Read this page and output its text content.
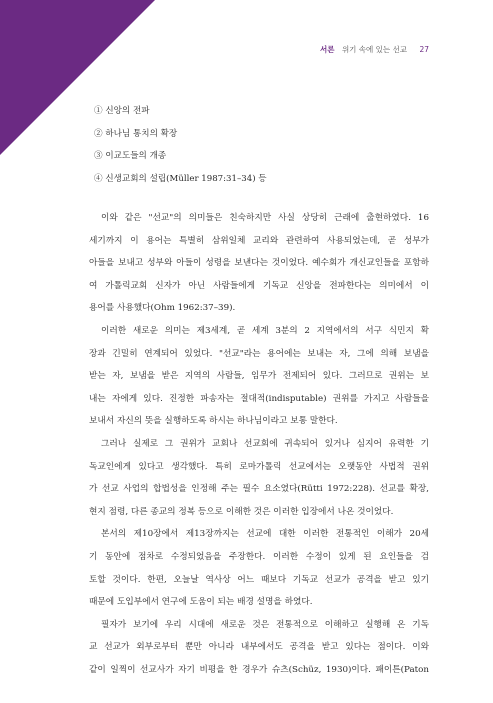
서론 위기 속에 있는 선교 27
① 신앙의 전파
② 하나님 통치의 확장
③ 이교도들의 개종
④ 신생교회의 설립(Müller 1987:31–34) 등
이와 같은 "선교"의 의미들은 친숙하지만 사실 상당히 근래에 출현하였다. 16
세기까지 이 용어는 특별히 삼위일체 교리와 관련하여 사용되었는데, 곧 성부가
아들을 보내고 성부와 아들이 성령을 보낸다는 것이었다. 예수회가 개신교인들을 포함하
여 가톨릭교회 신자가 아닌 사람들에게 기독교 신앙을 전파한다는 의미에서 이
용어를 사용했다(Ohm 1962:37–39).
이러한 새로운 의미는 제3세계, 곧 세계 3분의 2 지역에서의 서구 식민지 확
장과 긴밀히 연계되어 있었다. "선교"라는 용어에는 보내는 자, 그에 의해 보냄을
받는 자, 보냄을 받은 지역의 사람들, 임무가 전제되어 있다. 그러므로 권위는 보
내는 자에게 있다. 진정한 파송자는 절대적(indisputable) 권위를 가지고 사람들을
보내서 자신의 뜻을 실행하도록 하시는 하나님이라고 보통 말한다.
그러나 실제로 그 권위가 교회나 선교회에 귀속되어 있거나 심지어 유력한 기
독교인에게 있다고 생각했다. 특히 로마가톨릭 선교에서는 오랫동안 사법적 권위
가 선교 사업의 합법성을 인정해 주는 필수 요소였다(Rütti 1972:228). 선교를 확장,
현지 점령, 다른 종교의 정복 등으로 이해한 것은 이러한 입장에서 나온 것이었다.
본서의 제10장에서 제13장까지는 선교에 대한 이러한 전통적인 이해가 20세
기 동안에 점차로 수정되었음을 주장한다. 이러한 수정이 있게 된 요인들을 검
토할 것이다. 한편, 오늘날 역사상 어느 때보다 기독교 선교가 공격을 받고 있기
때문에 도입부에서 연구에 도움이 되는 배경 설명을 하였다.
필자가 보기에 우리 시대에 새로운 것은 전통적으로 이해하고 실행해 온 기독
교 선교가 외부로부터 뿐만 아니라 내부에서도 공격을 받고 있다는 점이다. 이와
같이 일찍이 선교사가 자기 비평을 한 경우가 슈츠(Schüz, 1930)이다. 패이튼(Paton
